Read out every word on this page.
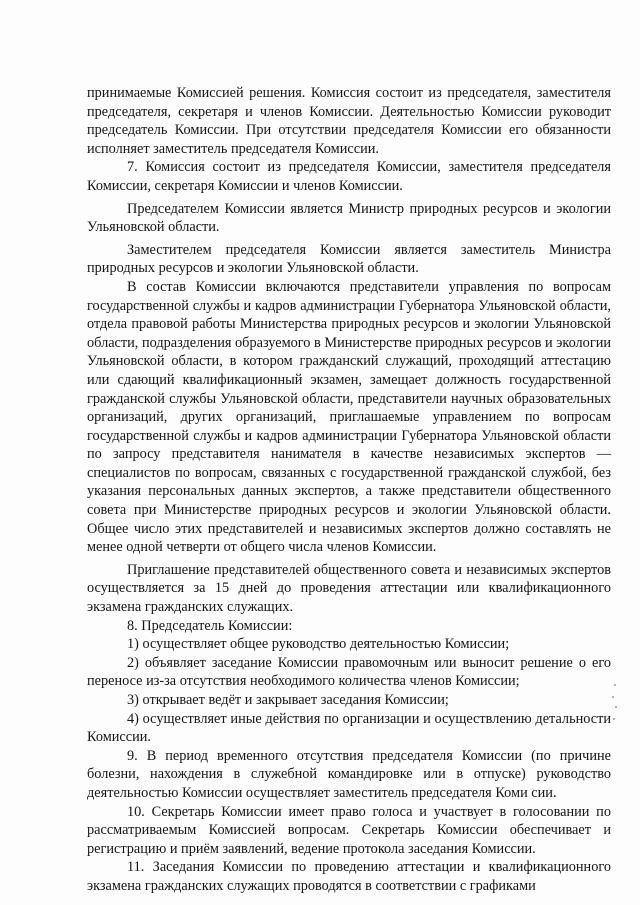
принимаемые Комиссией решения. Комиссия состоит из председателя, заместителя председателя, секретаря и членов Комиссии. Деятельностью Комиссии руководит председатель Комиссии. При отсутствии председателя Комиссии его обязанности исполняет заместитель председателя Комиссии.

7. Комиссия состоит из председателя Комиссии, заместителя председателя Комиссии, секретаря Комиссии и членов Комиссии.

Председателем Комиссии является Министр природных ресурсов и экологии Ульяновской области.

Заместителем председателя Комиссии является заместитель Министра природных ресурсов и экологии Ульяновской области.

В состав Комиссии включаются представители управления по вопросам государственной службы и кадров администрации Губернатора Ульяновской области, отдела правовой работы Министерства природных ресурсов и экологии Ульяновской области, подразделения образуемого в Министерстве природных ресурсов и экологии Ульяновской области, в котором гражданский служащий, проходящий аттестацию или сдающий квалификационный экзамен, замещает должность государственной гражданской службы Ульяновской области, представители научных образовательных организаций, других организаций, приглашаемые управлением по вопросам государственной службы и кадров администрации Губернатора Ульяновской области по запросу представителя нанимателя в качестве независимых экспертов — специалистов по вопросам, связанных с государственной гражданской службой, без указания персональных данных экспертов, а также представители общественного совета при Министерстве природных ресурсов и экологии Ульяновской области. Общее число этих представителей и независимых экспертов должно составлять не менее одной четверти от общего числа членов Комиссии.

Приглашение представителей общественного совета и независимых экспертов осуществляется за 15 дней до проведения аттестации или квалификационного экзамена гражданских служащих.

8. Председатель Комиссии:

1) осуществляет общее руководство деятельностью Комиссии;

2) объявляет заседание Комиссии правомочным или выносит решение о его переносе из-за отсутствия необходимого количества членов Комиссии;

3) открывает ведёт и закрывает заседания Комиссии;

4) осуществляет иные действия по организации и осуществлению детальности Комиссии.

9. В период временного отсутствия председателя Комиссии (по причине болезни, нахождения в служебной командировке или в отпуске) руководство деятельностью Комиссии осуществляет заместитель председателя Коми сии.

10. Секретарь Комиссии имеет право голоса и участвует в голосовании по рассматриваемым Комиссией вопросам. Секретарь Комиссии обеспечивает и регистрацию и приём заявлений, ведение протокола заседания Комиссии.

11. Заседания Комиссии по проведению аттестации и квалификационного экзамена гражданских служащих проводятся в соответствии с графиками
